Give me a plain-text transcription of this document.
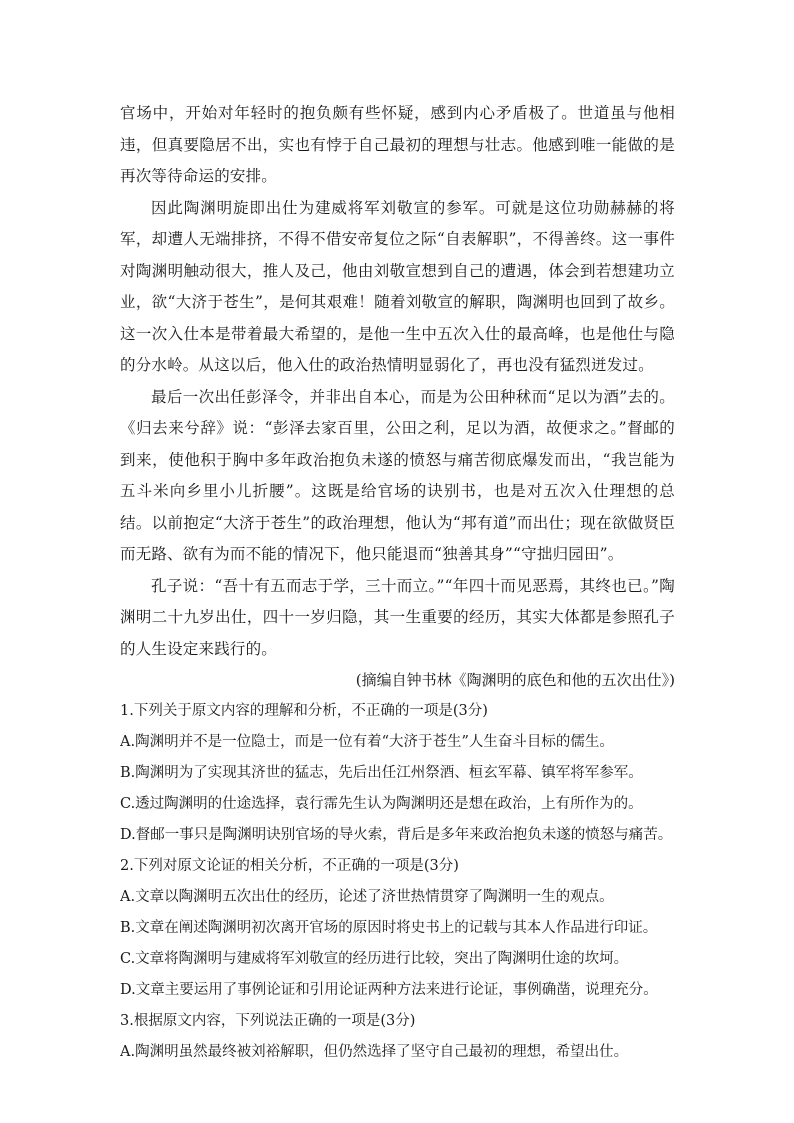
官场中，开始对年轻时的抱负颇有些怀疑，感到内心矛盾极了。世道虽与他相违，但真要隐居不出，实也有悖于自己最初的理想与壮志。他感到唯一能做的是再次等待命运的安排。

因此陶渊明旋即出仕为建威将军刘敬宣的参军。可就是这位功勋赫赫的将军，却遭人无端排挤，不得不借安帝复位之际“自表解职”，不得善终。这一事件对陶渊明触动很大，推人及己，他由刘敬宣想到自己的遭遇，体会到若想建功立业，欲“大济于苍生”，是何其艰难！随着刘敬宣的解职，陶渊明也回到了故乡。这一次入仕本是带着最大希望的，是他一生中五次入仕的最高峰，也是他仕与隐的分水岭。从这以后，他入仕的政治热情明显弱化了，再也没有猛烈迸发过。

最后一次出任彭泽令，并非出自本心，而是为公田种秫而“足以为酒”去的。《归去来兮辞》说：“彭泽去家百里，公田之利，足以为酒，故便求之。”督邮的到来，使他积于胸中多年政治抱负未遂的愤怒与痛苦彻底爆发而出，“我岂能为五斗米向乡里小儿折腰”。这既是给官场的诀别书，也是对五次入仕理想的总结。以前抱定“大济于苍生”的政治理想，他认为“邦有道”而出仕；现在欲做贤臣而无路、欲有为而不能的情况下，他只能退而“独善其身”“守拙归园田”。

孔子说：“吾十有五而志于学，三十而立。”“年四十而见恶焉，其终也已。”陶渊明二十九岁出仕，四十一岁归隐，其一生重要的经历，其实大体都是参照孔子的人生设定来践行的。

(摘编自钟书林《陶渊明的底色和他的五次出仕》)

1.下列关于原文内容的理解和分析，不正确的一项是(3分)

A.陶渊明并不是一位隐士，而是一位有着“大济于苍生”人生奋斗目标的儒生。

B.陶渊明为了实现其济世的猛志，先后出任江州祭酒、桓玄军幕、镇军将军参军。

C.透过陶渊明的仕途选择，袁行霈先生认为陶渊明还是想在政治，上有所作为的。

D.督邮一事只是陶渊明诀别官场的导火索，背后是多年来政治抱负未遂的愤怒与痛苦。

2.下列对原文论证的相关分析，不正确的一项是(3分)

A.文章以陶渊明五次出仕的经历，论述了济世热情贯穿了陶渊明一生的观点。

B.文章在阐述陶渊明初次离开官场的原因时将史书上的记载与其本人作品进行印证。

C.文章将陶渊明与建威将军刘敬宣的经历进行比较，突出了陶渊明仕途的坎坷。

D.文章主要运用了事例论证和引用论证两种方法来进行论证，事例确凿，说理充分。

3.根据原文内容，下列说法正确的一项是(3分)

A.陶渊明虽然最终被刘裕解职，但仍然选择了坚守自己最初的理想，希望出仕。
